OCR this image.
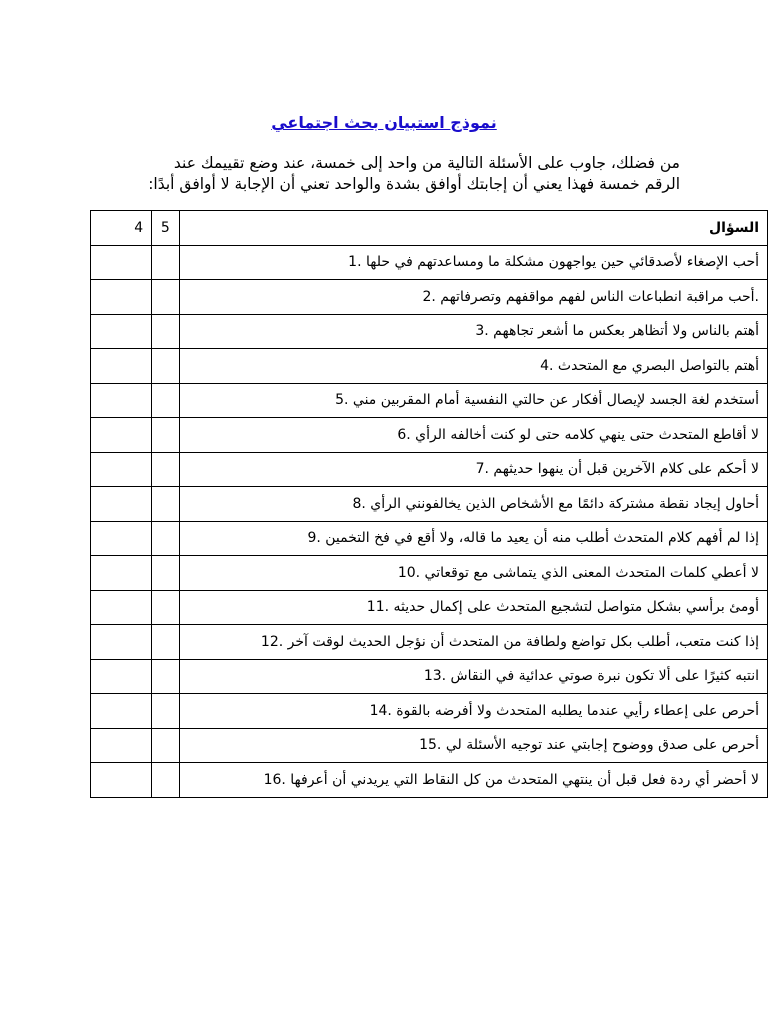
نموذج استبيان بحث اجتماعي
من فضلك، جاوب على الأسئلة التالية من واحد إلى خمسة، عند وضع تقييمك عند
الرقم خمسة فهذا يعني أن إجابتك أوافق بشدة والواحد تعني أن الإجابة لا أوافق أبدًا:
السؤال	5	4
أحب الإصغاء لأصدقائي حين يواجهون مشكلة ما ومساعدتهم في حلها .1		
.أحب مراقبة انطباعات الناس لفهم مواقفهم وتصرفاتهم .2		
أهتم بالناس ولا أتظاهر بعكس ما أشعر تجاههم .3		
أهتم بالتواصل البصري مع المتحدث .4		
أستخدم لغة الجسد لإيصال أفكار عن حالتي النفسية أمام المقربين مني .5		
لا أقاطع المتحدث حتى ينهي كلامه حتى لو كنت أخالفه الرأي .6		
لا أحكم على كلام الآخرين قبل أن ينهوا حديثهم .7		
أحاول إيجاد نقطة مشتركة دائمًا مع الأشخاص الذين يخالفونني الرأي .8		
إذا لم أفهم كلام المتحدث أطلب منه أن يعيد ما قاله، ولا أقع في فخ التخمين .9		
لا أعطي كلمات المتحدث المعنى الذي يتماشى مع توقعاتي .10		
أومئ برأسي بشكل متواصل لتشجيع المتحدث على إكمال حديثه .11		
إذا كنت متعب، أطلب بكل تواضع ولطافة من المتحدث أن نؤجل الحديث لوقت آخر .12		
انتبه كثيرًا على ألا تكون نبرة صوتي عدائية في النقاش .13		
أحرص على إعطاء رأيي عندما يطلبه المتحدث ولا أفرضه بالقوة .14		
أحرص على صدق ووضوح إجابتي عند توجيه الأسئلة لي .15		
لا أحضر أي ردة فعل قبل أن ينتهي المتحدث من كل النقاط التي يريدني أن أعرفها .16		
